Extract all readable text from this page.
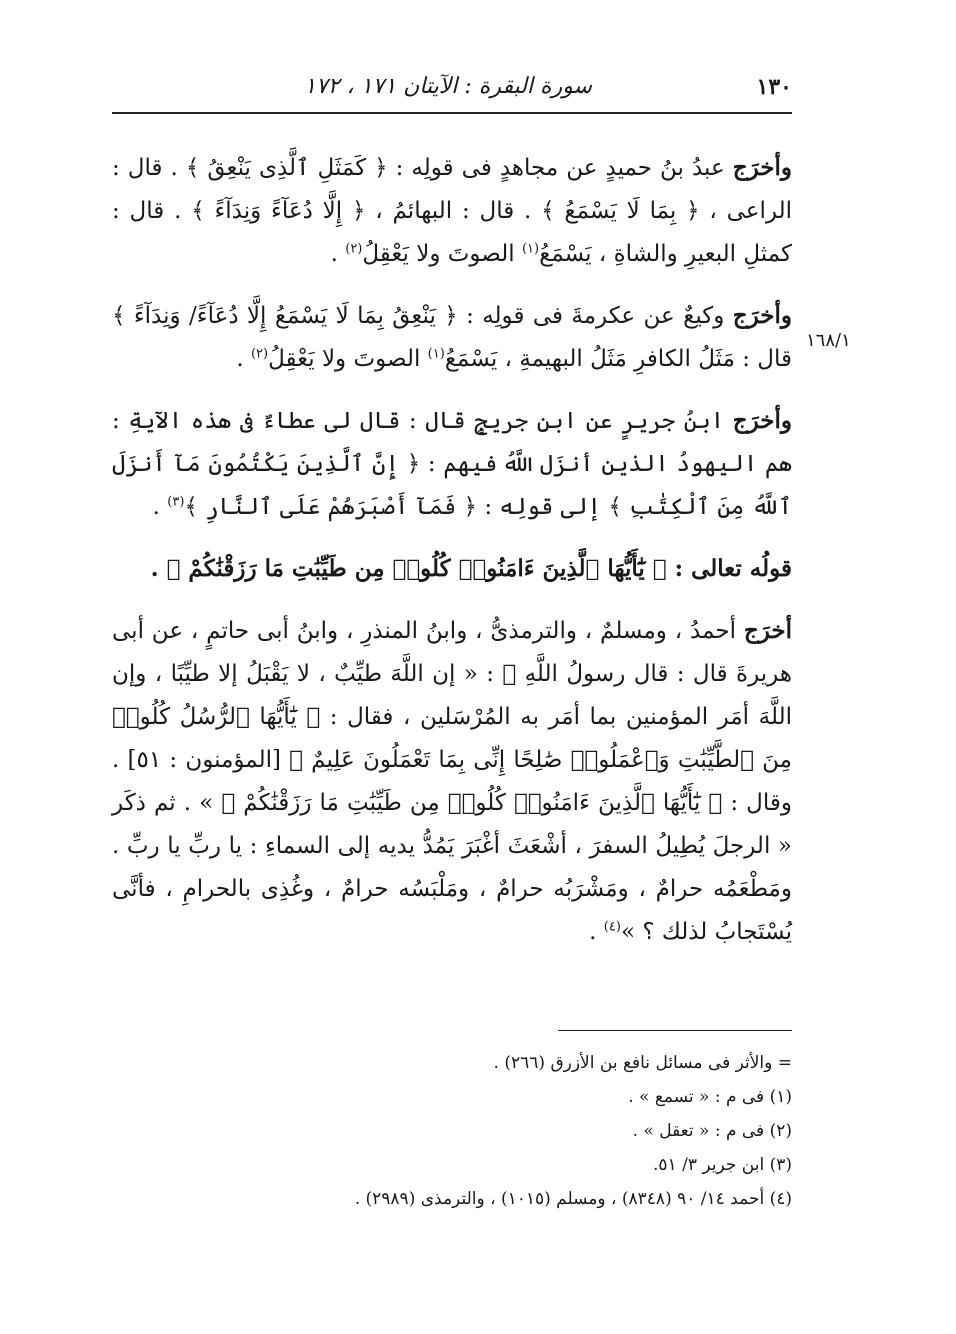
١٣٠
سورة البقرة : الآيتان ١٧١ ، ١٧٢
١٦٨/١

وأخرَج عبدُ بنُ حميدٍ عن مجاهدٍ فى قولِه : ﴿ كَمَثَلِ ٱلَّذِى يَنْعِقُ ﴾ . قال : الراعى ، ﴿ بِمَا لَا يَسْمَعُ ﴾ . قال : البهائمُ ، ﴿ إِلَّا دُعَآءً وَنِدَآءً ﴾ . قال : كمثلِ البعيرِ والشاةِ ، يَسْمَعُ$^{(١)}$ الصوتَ ولا يَعْقِلُ$^{(٢)}$ .

وأخرَج وكيعٌ عن عكرمةَ فى قولِه : ﴿ يَنْعِقُ بِمَا لَا يَسْمَعُ إِلَّا دُعَآءً/ وَنِدَآءً ﴾ قال : مَثَلُ الكافرِ مَثَلُ البهيمةِ ، يَسْمَعُ$^{(١)}$ الصوتَ ولا يَعْقِلُ$^{(٢)}$ .

وأخرَج ابنُ جريرٍ عن ابنِ جريجٍ قال : قال لى عطاءٌ فى هذه الآيةِ : هم اليهودُ الذين أنزَل اللَّهُ فيهم : ﴿ إِنَّ ٱلَّذِينَ يَكْتُمُونَ مَآ أَنزَلَ ٱللَّهُ مِنَ ٱلْكِتَٰبِ ﴾ إلى قولِه : ﴿ فَمَآ أَصْبَرَهُمْ عَلَى ٱلنَّارِ ﴾$^{(٣)}$ .

قولُه تعالى : ﴿ يَٰٓأَيُّهَا ٱلَّذِينَ ءَامَنُوا۟ كُلُوا۟ مِن طَيِّبَٰتِ مَا رَزَقْنَٰكُمْ ﴾ .

أخرَج أحمدُ ، ومسلمٌ ، والترمذىُّ ، وابنُ المنذرِ ، وابنُ أبى حاتمٍ ، عن أبى هريرةَ قال : قال رسولُ اللَّهِ ﷺ : « إن اللَّهَ طيِّبٌ ، لا يَقْبَلُ إلا طيِّبًا ، وإن اللَّهَ أمَر المؤمنين بما أمَر به المُرْسَلين ، فقال : ﴿ يَٰٓأَيُّهَا ٱلرُّسُلُ كُلُوا۟ مِنَ ٱلطَّيِّبَٰتِ وَٱعْمَلُوا۟ صَٰلِحًا إِنِّى بِمَا تَعْمَلُونَ عَلِيمٌ ﴾ [المؤمنون : ٥١] . وقال : ﴿ يَٰٓأَيُّهَا ٱلَّذِينَ ءَامَنُوا۟ كُلُوا۟ مِن طَيِّبَٰتِ مَا رَزَقْنَٰكُمْ ﴾ » . ثم ذكَر « الرجلَ يُطِيلُ السفرَ ، أشْعَثَ أغْبَرَ يَمُدُّ يديه إلى السماءِ : يا ربِّ يا ربِّ . ومَطْعَمُه حرامٌ ، ومَشْرَبُه حرامٌ ، ومَلْبَسُه حرامٌ ، وغُذِى بالحرامِ ، فأنَّى يُسْتَجابُ لذلك ؟ »$^{(٤)}$ .

= والأثر فى مسائل نافع بن الأزرق (٢٦٦) .
(١) فى م : « تسمع » .
(٢) فى م : « تعقل » .
(٣) ابن جرير ٣/ ٥١.
(٤) أحمد ١٤/ ٩٠ (٨٣٤٨) ، ومسلم (١٠١٥) ، والترمذى (٢٩٨٩) .
